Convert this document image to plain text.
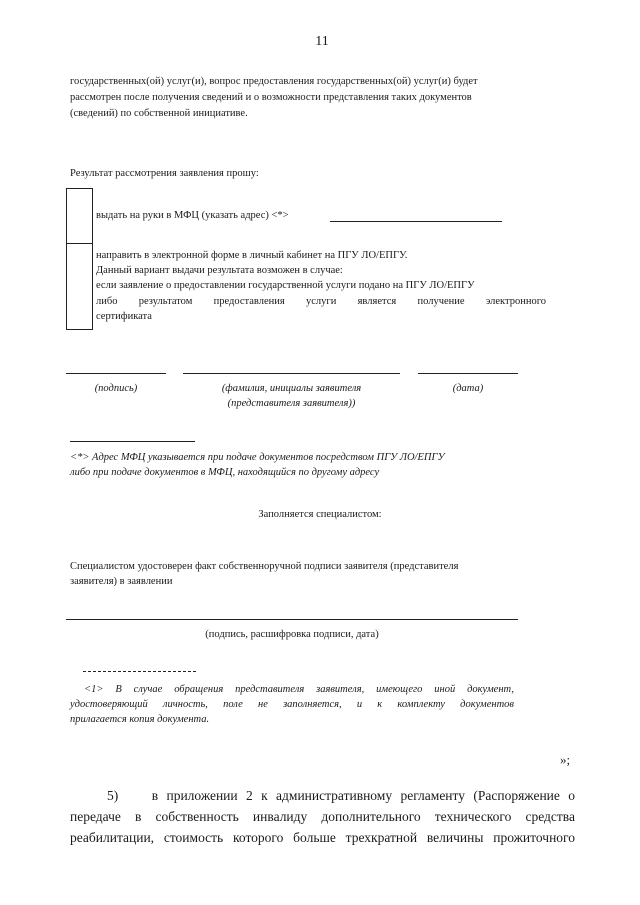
11
государственных(ой) услуг(и), вопрос предоставления государственных(ой) услуг(и) будет
рассмотрен после получения сведений и о возможности представления таких документов
(сведений) по собственной инициативе.
Результат рассмотрения заявления прошу:
выдать на руки в МФЦ (указать адрес) <*>
направить в электронной форме в личный кабинет на ПГУ ЛО/ЕПГУ.
Данный вариант выдачи результата возможен в случае:
если заявление о предоставлении государственной услуги подано на ПГУ ЛО/ЕПГУ
либо результатом предоставления услуги является получение электронного
сертификата
(подпись)	(фамилия, инициалы заявителя
(представителя заявителя))
(дата)
<*> Адрес МФЦ указывается при подаче документов посредством ПГУ ЛО/ЕПГУ
либо при подаче документов в МФЦ, находящийся по другому адресу
Заполняется специалистом:
Специалистом удостоверен факт собственноручной подписи заявителя (представителя
заявителя) в заявлении
(подпись, расшифровка подписи, дата)
<1> В случае обращения представителя заявителя, имеющего иной документ,
удостоверяющий личность, поле не заполняется, и к комплекту документов
прилагается копия документа.
»;
5)    в приложении 2 к административному регламенту (Распоряжение о
передаче в собственность инвалиду дополнительного технического средства
реабилитации, стоимость которого больше трехкратной величины прожиточного
